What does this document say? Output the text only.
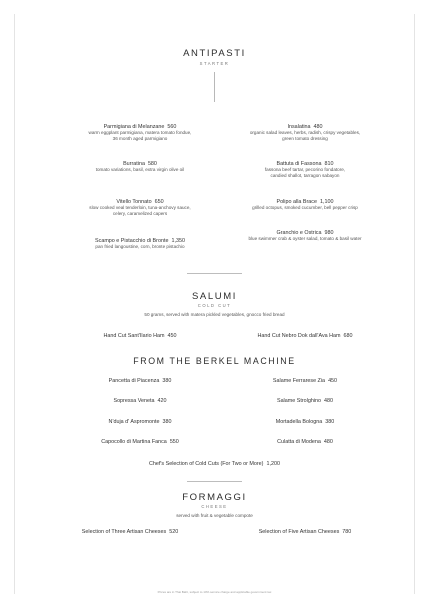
ANTIPASTI
STARTER
Parmigiana di Melanzane 560
warm eggplant parmigiana, matera tomato fondue,
36 month aged parmigiano
Burratina 580
tomato variations, basil, extra virgin olive oil
Vitello Tonnato 650
slow cooked veal tenderloin, tuna-anchovy sauce,
celery, caramelized capers
Scampo e Pistacchio di Bronte 1,350
pan fried langoustine, corn, bronte pistachio
Insalatina 480
organic salad leaves, herbs, radish, crispy vegetables,
green tomato dressing
Battuta di Fassona 810
fassona beef tartar, pecorino fondatore,
candied shallot, tarragon sabayon
Polipo alla Brace 1,100
grilled octopus, smoked cucumber, bell pepper crisp
Granchio e Ostrica 980
blue swimmer crab & oyster salad, tomato & basil water
SALUMI
COLD CUT
50 grams, served with matera pickled vegetables, gnocco fried bread
Hand Cut Sant'Ilario Ham 450	Hand Cut Nebro Dok dall'Ava Ham 680
FROM THE BERKEL MACHINE
Pancetta di Piacenza 380
Sopressa Veneta 420
N'duja d' Aspromonte 380
Capocollo di Martina Fanca 550
Salame Ferrarese Zia 450
Salame Strolghino 480
Mortadella Bologna 380
Culatta di Modena 480
Chef's Selection of Cold Cuts (For Two or More) 1,200
FORMAGGI
CHEESE
served with fruit & vegetable compote
Selection of Three Artisan Cheeses 520	Selection of Five Artisan Cheeses 780
Prices are in Thai Baht, subject to 10% service charge and applicable government tax
